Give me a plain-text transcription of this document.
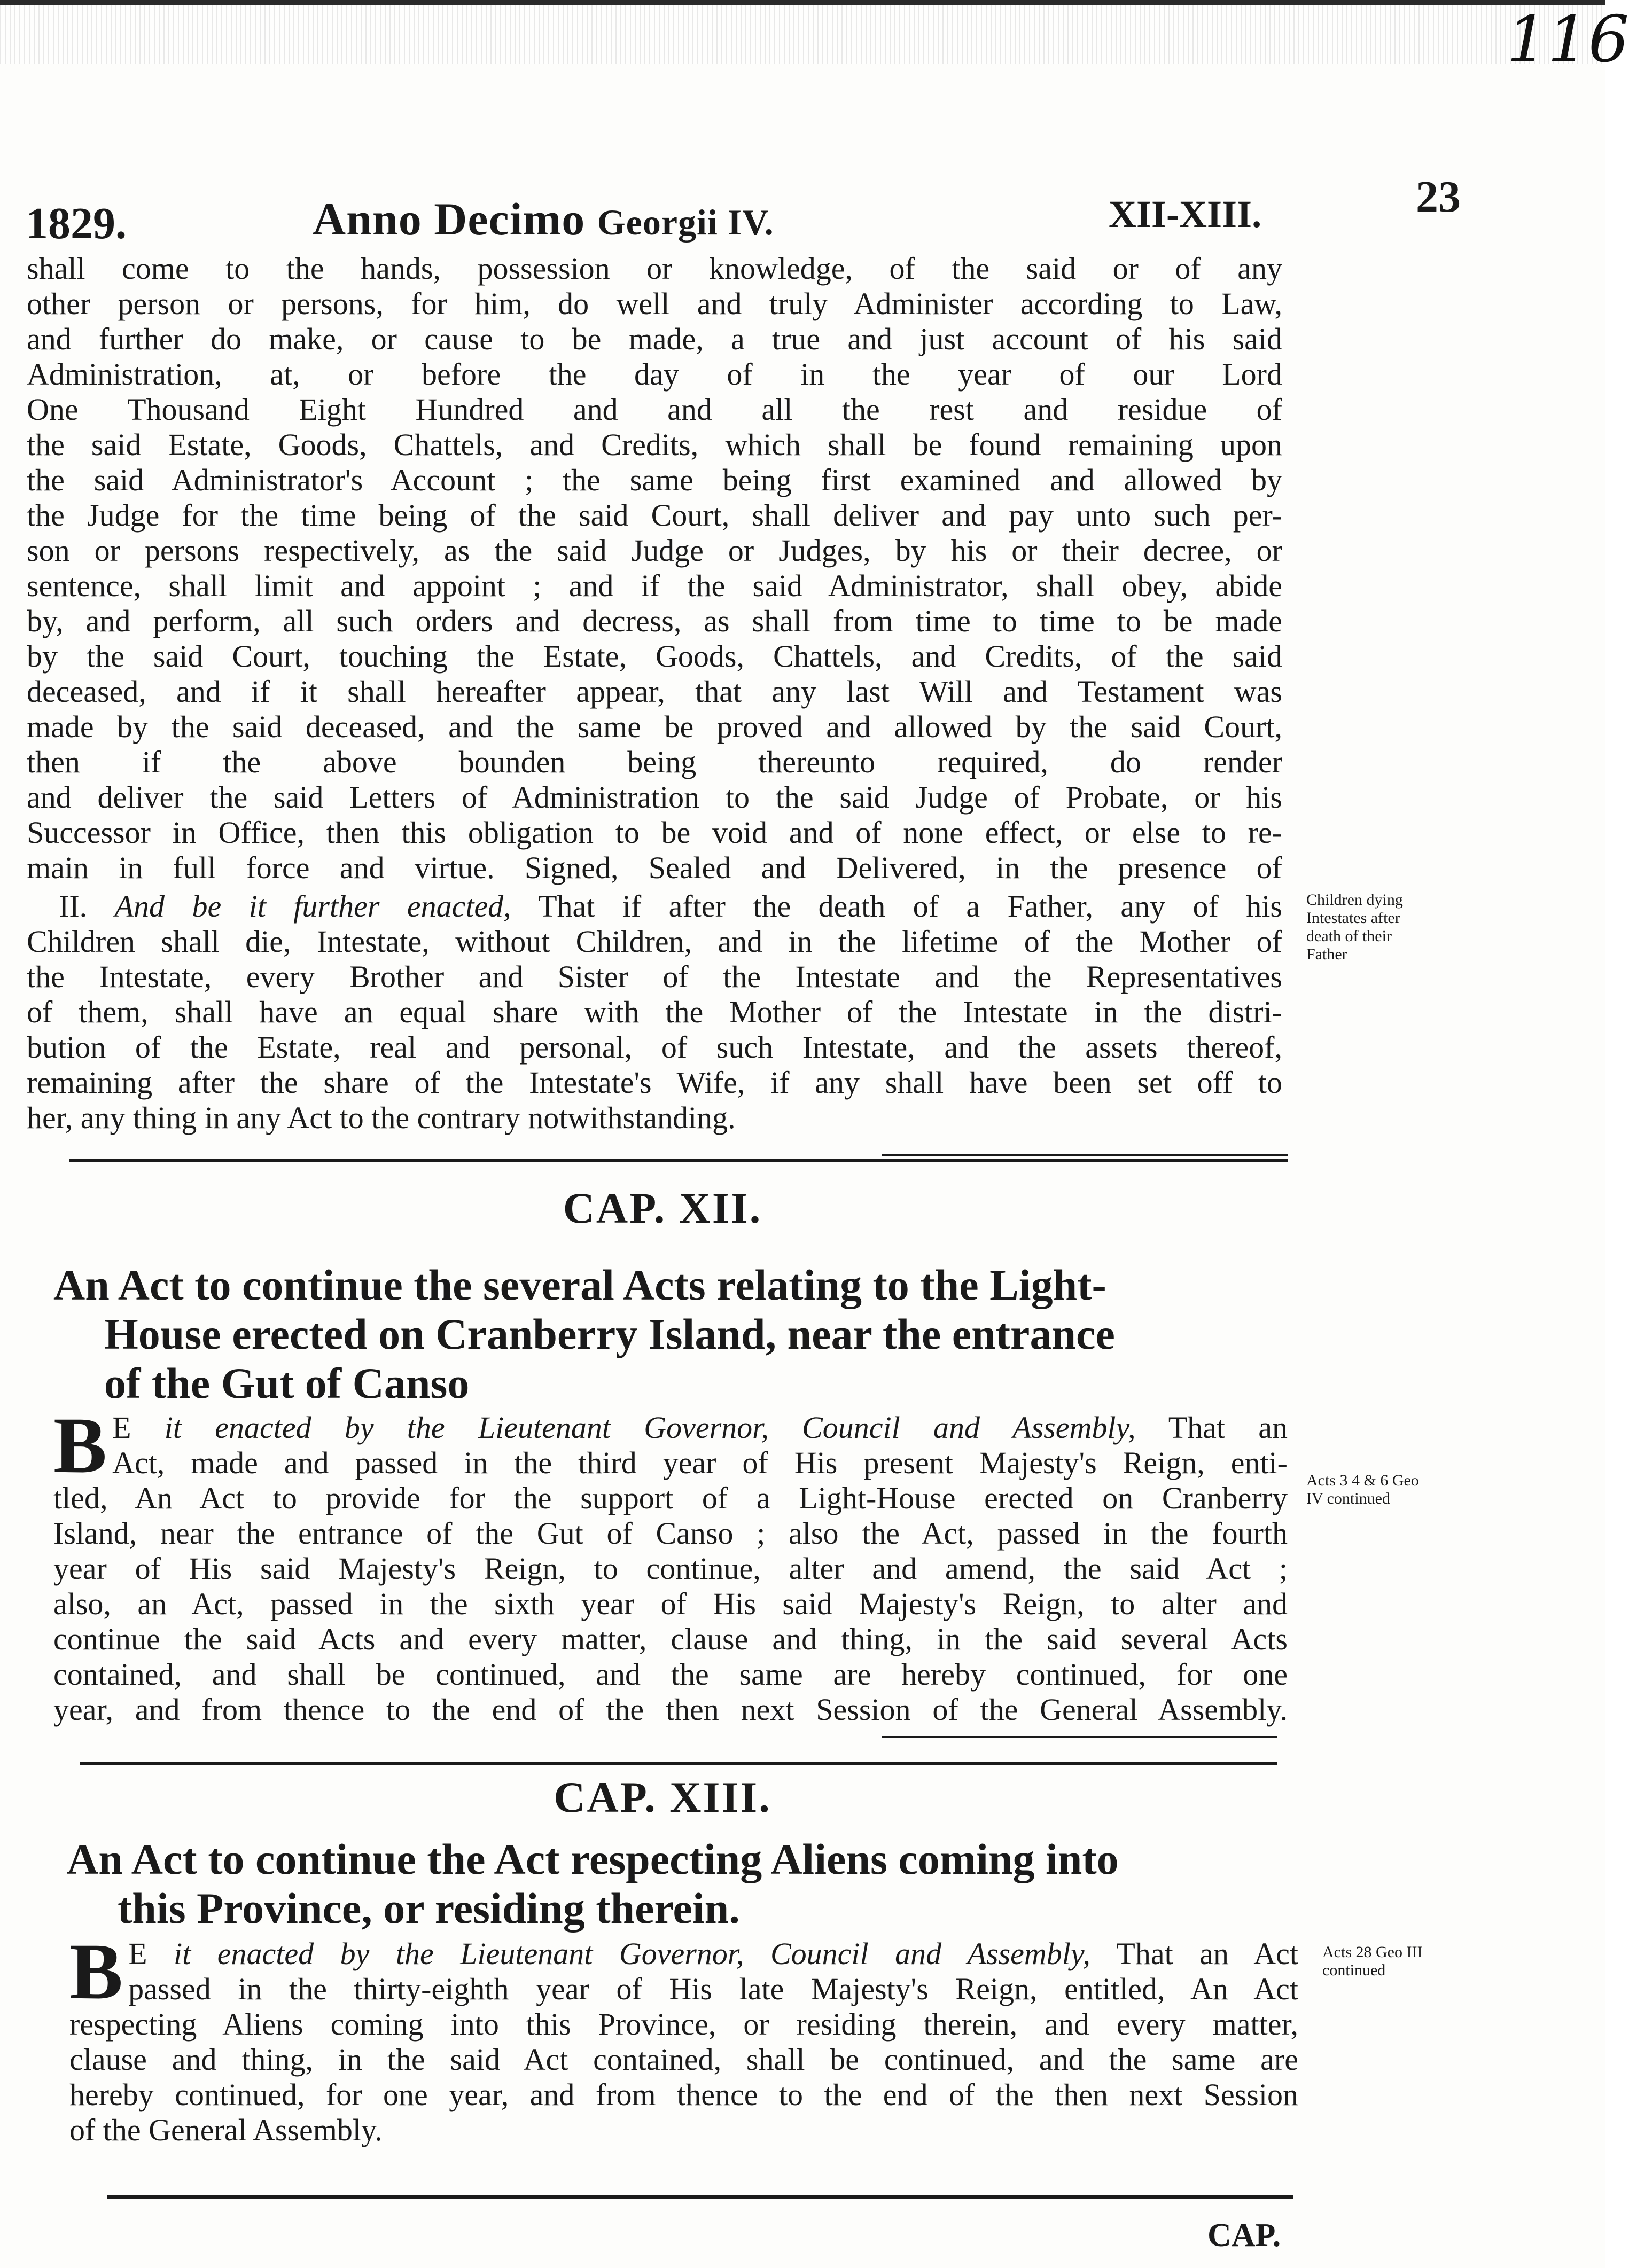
116
1829.	Anno Decimo Georgii IV.	XII-XIII.	23
shall come to the hands, possession or knowledge, of the said or of any
other person or persons, for him, do well and truly Administer according to Law,
and further do make, or cause to be made, a true and just account of his said
Administration, at, or before the day of in the year of our Lord
One Thousand Eight Hundred and and all the rest and residue of
the said Estate, Goods, Chattels, and Credits, which shall be found remaining upon
the said Administrator's Account ; the same being first examined and allowed by
the Judge for the time being of the said Court, shall deliver and pay unto such per-
son or persons respectively, as the said Judge or Judges, by his or their decree, or
sentence, shall limit and appoint ; and if the said Administrator, shall obey, abide
by, and perform, all such orders and decress, as shall from time to time to be made
by the said Court, touching the Estate, Goods, Chattels, and Credits, of the said
deceased, and if it shall hereafter appear, that any last Will and Testament was
made by the said deceased, and the same be proved and allowed by the said Court,
then if the above bounden being thereunto required, do render
and deliver the said Letters of Administration to the said Judge of Probate, or his
Successor in Office, then this obligation to be void and of none effect, or else to re-
main in full force and virtue. Signed, Sealed and Delivered, in the presence of
II. And be it further enacted, That if after the death of a Father, any of his
Children shall die, Intestate, without Children, and in the lifetime of the Mother of
the Intestate, every Brother and Sister of the Intestate and the Representatives
of them, shall have an equal share with the Mother of the Intestate in the distri-
bution of the Estate, real and personal, of such Intestate, and the assets thereof,
remaining after the share of the Intestate's Wife, if any shall have been set off to
her, any thing in any Act to the contrary notwithstanding.
Children dying
Intestates after
death of their
Father
CAP. XII.
An Act to continue the several Acts relating to the Light-
House erected on Cranberry Island, near the entrance
of the Gut of Canso
B E it enacted by the Lieutenant Governor, Council and Assembly, That an
Act, made and passed in the third year of His present Majesty's Reign, enti-
tled, An Act to provide for the support of a Light-House erected on Cranberry
Island, near the entrance of the Gut of Canso ; also the Act, passed in the fourth
year of His said Majesty's Reign, to continue, alter and amend, the said Act ;
also, an Act, passed in the sixth year of His said Majesty's Reign, to alter and
continue the said Acts and every matter, clause and thing, in the said several Acts
contained, and shall be continued, and the same are hereby continued, for one
year, and from thence to the end of the then next Session of the General Assembly.
Acts 3 4 & 6 Geo
IV continued
CAP. XIII.
An Act to continue the Act respecting Aliens coming into
this Province, or residing therein.
B E it enacted by the Lieutenant Governor, Council and Assembly, That an Act
passed in the thirty-eighth year of His late Majesty's Reign, entitled, An Act
respecting Aliens coming into this Province, or residing therein, and every matter,
clause and thing, in the said Act contained, shall be continued, and the same are
hereby continued, for one year, and from thence to the end of the then next Session
of the General Assembly.
Acts 28 Geo III
continued
CAP.
